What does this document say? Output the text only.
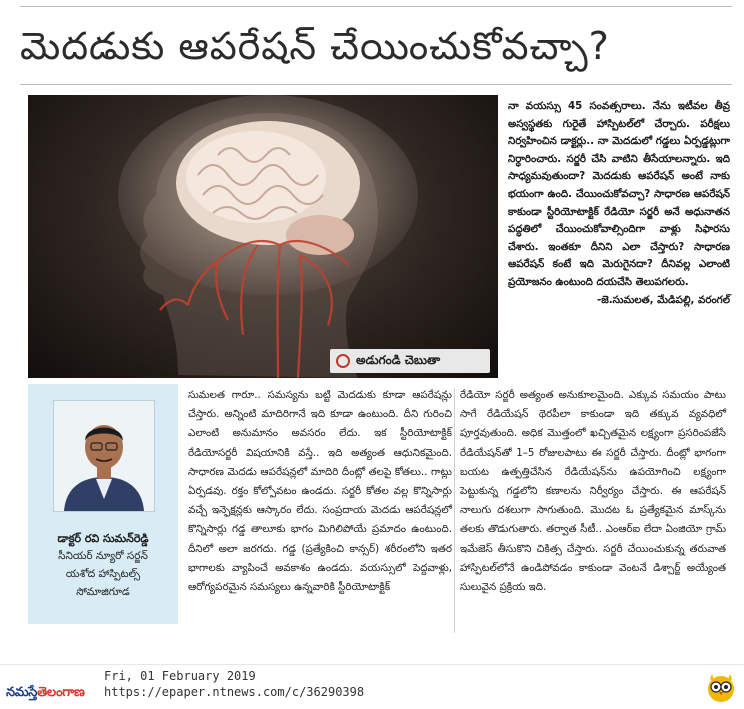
మెదడుకు ఆపరేషన్ చేయించుకోవచ్చా?
అడుగండి చెబుతా

నా వయస్సు 45 సంవత్సరాలు. నేను ఇటీవల తీవ్ర అస్వస్థతకు గురైతే హాస్పిటల్‌లో చేర్చారు. పరీక్షలు నిర్వహించిన డాక్టర్లు.. నా మెదడులో గడ్డలు ఏర్పడ్డట్లుగా నిర్ధారించారు. సర్జరీ చేసి వాటిని తీసేయాలన్నారు. ఇది సాధ్యమవుతుందా? మెదడుకు ఆపరేషన్ అంటే నాకు భయంగా ఉంది. చేయించుకోవచ్చా? సాధారణ ఆపరేషన్ కాకుండా స్టీరియోటాక్టిక్ రేడియో సర్జరీ అనే అధునాతన పద్ధతిలో చేయించుకోవాల్సిందిగా వాళ్లు సిఫారసు చేశారు. ఇంతకూ దీనిని ఎలా చేస్తారు? సాధారణ ఆపరేషన్ కంటే ఇది మెరుగైనదా? దీనివల్ల ఎలాంటి ప్రయోజనం ఉంటుంది దయచేసి తెలుపగలరు.

-జె.సుమలత, మేడిపల్లి, వరంగల్

డాక్టర్ రవి సుమన్‌రెడ్డి
సీనియర్ న్యూరో సర్జన్
యశోద హాస్పిటల్స్
సోమాజిగూడ

సుమలత గారూ.. సమస్యను బట్టి మెదడుకు కూడా ఆపరేషన్లు చేస్తారు. అన్నింటి మాదిరిగానే ఇది కూడా ఉంటుంది. దీని గురించి ఎలాంటి అనుమానం అవసరం లేదు. ఇక స్టీరియోటాక్టిక్ రేడియోసర్జరీ విషయానికి వస్తే.. ఇది అత్యంత ఆధునికమైంది. సాధారణ మెదడు ఆపరేషన్లలో మాదిరి దీంట్లో తలపై కోతలు.. గాట్లు ఏర్పడవు. రక్తం కోల్పోవటం ఉండదు. సర్జరీ కోతల వల్ల కొన్నిసార్లు వచ్చే ఇన్ఫెక్షన్లకు ఆస్కారం లేదు. సంప్రదాయ మెదడు ఆపరేషన్లలో కొన్నిసార్లు గడ్డ తాలూకు భాగం మిగిలిపోయే ప్రమాదం ఉంటుంది. దీనిలో అలా జరగదు. గడ్డ (ప్రత్యేకించి కాన్సర్) శరీరంలోని ఇతర భాగాలకు వ్యాపించే అవకాశం ఉండదు. వయస్సులో పెద్దవాళ్లు, ఆరోగ్యపరమైన సమస్యలు ఉన్నవారికి స్టీరియోటాక్టిక్

రేడియో సర్జరీ అత్యంత అనుకూలమైంది. ఎక్కువ సమయం పాటు సాగే రేడియేషన్ థెరపీలా కాకుండా ఇది తక్కువ వ్యవధిలో పూర్తవుతుంది. అధిక మొత్తంలో ఖచ్చితమైన లక్ష్యంగా ప్రసరింపజేసే రేడియేషన్‌తో 1–5 రోజులపాటు ఈ సర్జరీ చేస్తారు. దీంట్లో భాగంగా బయట ఉత్పత్తిచేసిన రేడియేషన్‌ను ఉపయోగించి లక్ష్యంగా పెట్టుకున్న గడ్డలోని కణాలను నిర్వీర్యం చేస్తారు. ఈ ఆపరేషన్ నాలుగు దశలుగా సాగుతుంది. మొదట ఓ ప్రత్యేకమైన మాస్క్‌ను తలకు తొడుగుతారు. తర్వాత సీటీ.. ఎంఆర్ఐ లేదా ఏంజియో గ్రామ్ ఇమేజెస్ తీసుకొని చికిత్స చేస్తారు. సర్జరీ చేయించుకున్న తరువాత హాస్పిటల్‌లోనే ఉండిపోవడం కాకుండా వెంటనే డిశ్చార్జ్ అయ్యేంత సులువైన ప్రక్రియ ఇది.

నమస్తేతెలంగాణ
Fri, 01 February 2019
https://epaper.ntnews.com/c/36290398
